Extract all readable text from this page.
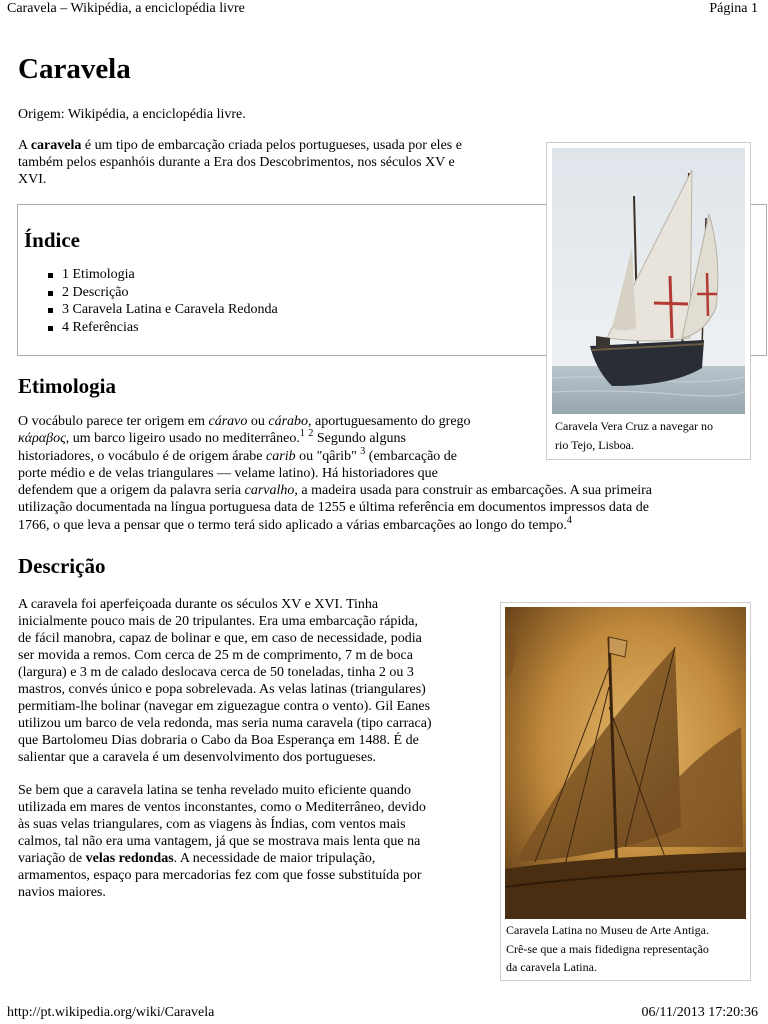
Caravela – Wikipédia, a enciclopédia livre	Página 1
Caravela

Origem: Wikipédia, a enciclopédia livre.

A caravela é um tipo de embarcação criada pelos portugueses, usada por eles e

também pelos espanhóis durante a Era dos Descobrimentos, nos séculos XV e

XVI.

Índice
1 Etimologia
2 Descrição
3 Caravela Latina e Caravela Redonda
4 Referências
Caravela Vera Cruz a navegar no
rio Tejo, Lisboa.
Etimologia

O vocábulo parece ter origem em cáravo ou cárabo, aportuguesamento do grego

κάραβος, um barco ligeiro usado no mediterrâneo.$^1$ $^2$ Segundo alguns

historiadores, o vocábulo é de origem árabe carib ou "qârib" $^3$ (embarcação de

porte médio e de velas triangulares — velame latino). Há historiadores que

defendem que a origem da palavra seria carvalho, a madeira usada para construir as embarcações. A sua primeira

utilização documentada na língua portuguesa data de 1255 e última referência em documentos impressos data de

1766, o que leva a pensar que o termo terá sido aplicado a várias embarcações ao longo do tempo.$^4$

Descrição

A caravela foi aperfeiçoada durante os séculos XV e XVI. Tinha

inicialmente pouco mais de 20 tripulantes. Era uma embarcação rápida,

de fácil manobra, capaz de bolinar e que, em caso de necessidade, podia

ser movida a remos. Com cerca de 25 m de comprimento, 7 m de boca

(largura) e 3 m de calado deslocava cerca de 50 toneladas, tinha 2 ou 3

mastros, convés único e popa sobrelevada. As velas latinas (triangulares)

permitiam-lhe bolinar (navegar em ziguezague contra o vento). Gil Eanes

utilizou um barco de vela redonda, mas seria numa caravela (tipo carraca)

que Bartolomeu Dias dobraria o Cabo da Boa Esperança em 1488. É de

salientar que a caravela é um desenvolvimento dos portugueses.

Se bem que a caravela latina se tenha revelado muito eficiente quando

utilizada em mares de ventos inconstantes, como o Mediterrâneo, devido

às suas velas triangulares, com as viagens às Índias, com ventos mais

calmos, tal não era uma vantagem, já que se mostrava mais lenta que na

variação de velas redondas. A necessidade de maior tripulação,

armamentos, espaço para mercadorias fez com que fosse substituída por

navios maiores.

Caravela Latina no Museu de Arte Antiga.
Crê-se que a mais fidedigna representação
da caravela Latina.
http://pt.wikipedia.org/wiki/Caravela	06/11/2013 17:20:36
